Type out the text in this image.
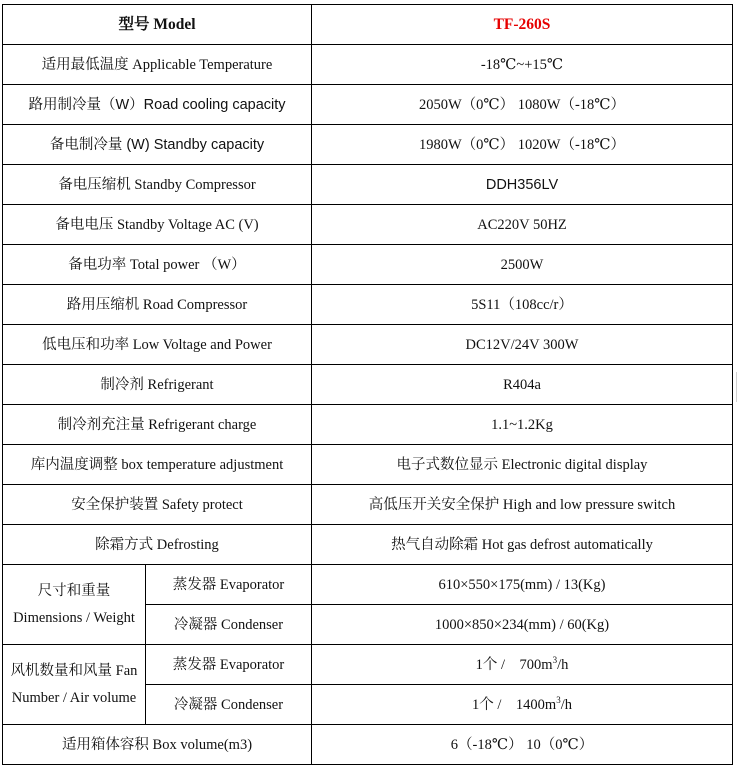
型号 Model		TF-260S
适用最低温度 Applicable Temperature		-18℃~+15℃
路用制冷量（W）Road cooling capacity		2050W（0℃） 1080W（-18℃）
备电制冷量 (W) Standby capacity		1980W（0℃） 1020W（-18℃）
备电压缩机 Standby Compressor		DDH356LV
备电电压 Standby Voltage AC (V)		AC220V 50HZ
备电功率 Total power （W）		2500W
路用压缩机 Road Compressor		5S11（108cc/r）
低电压和功率 Low Voltage and Power		DC12V/24V 300W
制冷剂 Refrigerant		R404a
制冷剂充注量 Refrigerant charge		1.1~1.2Kg
库内温度调整 box temperature adjustment		电子式数位显示 Electronic digital display
安全保护装置 Safety protect		高低压开关安全保护 High and low pressure switch
除霜方式 Defrosting		热气自动除霜 Hot gas defrost automatically
尺寸和重量 Dimensions / Weight	蒸发器 Evaporator	610×550×175(mm) / 13(Kg)
	冷凝器 Condenser	1000×850×234(mm) / 60(Kg)
风机数量和风量 Fan Number / Air volume	蒸发器 Evaporator	1个 / $700m^3/h$
	冷凝器 Condenser	1个 / $1400m^3/h$
适用箱体容积 Box volume(m3)		6（-18℃） 10（0℃）
